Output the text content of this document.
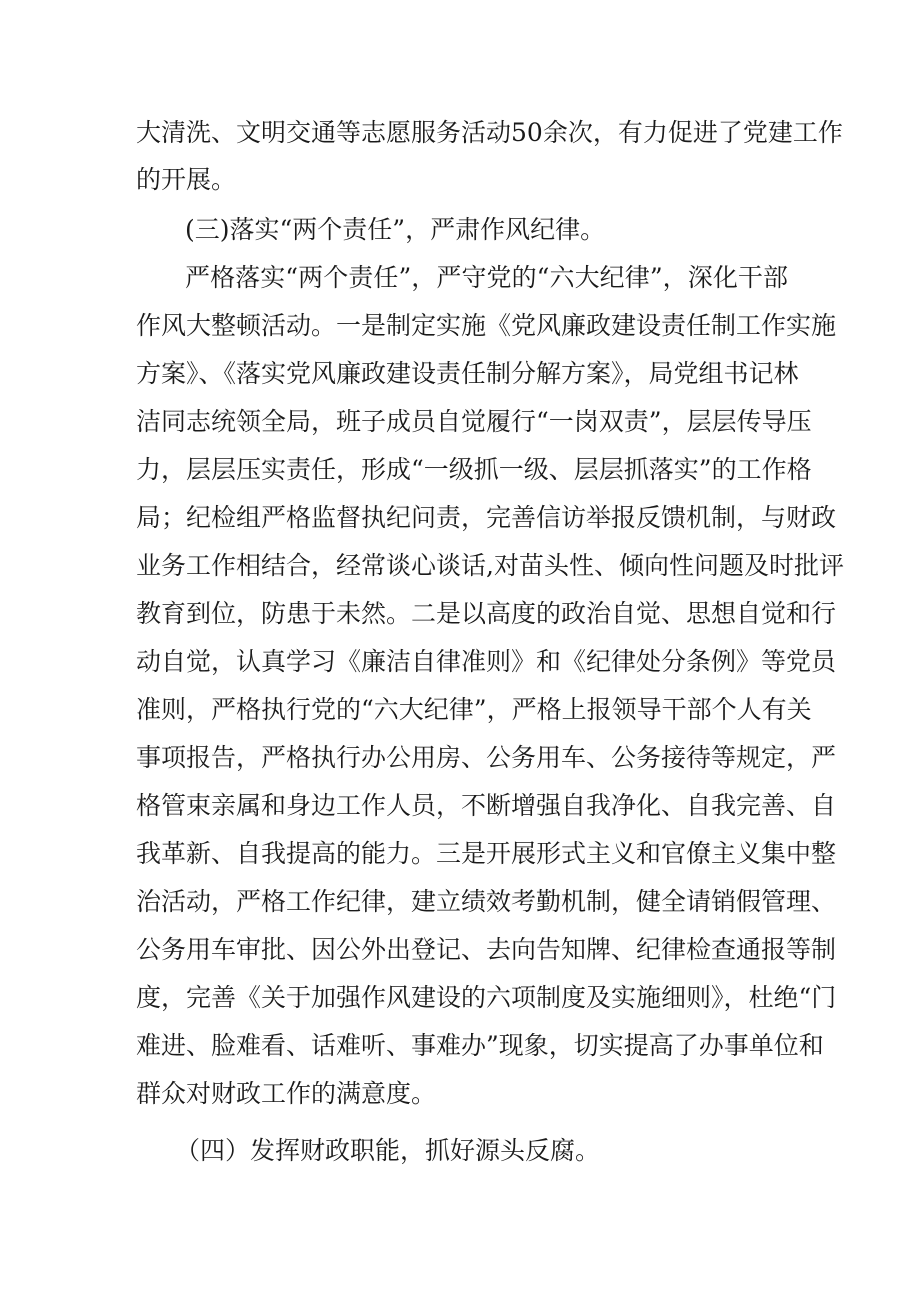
大清洗、文明交通等志愿服务活动50余次，有力促进了党建工作
的开展。
(三)落实“两个责任”，严肃作风纪律。
严格落实“两个责任”，严守党的“六大纪律”，深化干部
作风大整顿活动。一是制定实施《党风廉政建设责任制工作实施
方案》、《落实党风廉政建设责任制分解方案》，局党组书记林
洁同志统领全局，班子成员自觉履行“一岗双责”，层层传导压
力，层层压实责任，形成“一级抓一级、层层抓落实”的工作格
局；纪检组严格监督执纪问责，完善信访举报反馈机制，与财政
业务工作相结合，经常谈心谈话,对苗头性、倾向性问题及时批评
教育到位，防患于未然。二是以高度的政治自觉、思想自觉和行
动自觉，认真学习《廉洁自律准则》和《纪律处分条例》等党员
准则，严格执行党的“六大纪律”，严格上报领导干部个人有关
事项报告，严格执行办公用房、公务用车、公务接待等规定，严
格管束亲属和身边工作人员，不断增强自我净化、自我完善、自
我革新、自我提高的能力。三是开展形式主义和官僚主义集中整
治活动，严格工作纪律，建立绩效考勤机制，健全请销假管理、
公务用车审批、因公外出登记、去向告知牌、纪律检查通报等制
度，完善《关于加强作风建设的六项制度及实施细则》，杜绝“门
难进、脸难看、话难听、事难办”现象，切实提高了办事单位和
群众对财政工作的满意度。
（四）发挥财政职能，抓好源头反腐。
